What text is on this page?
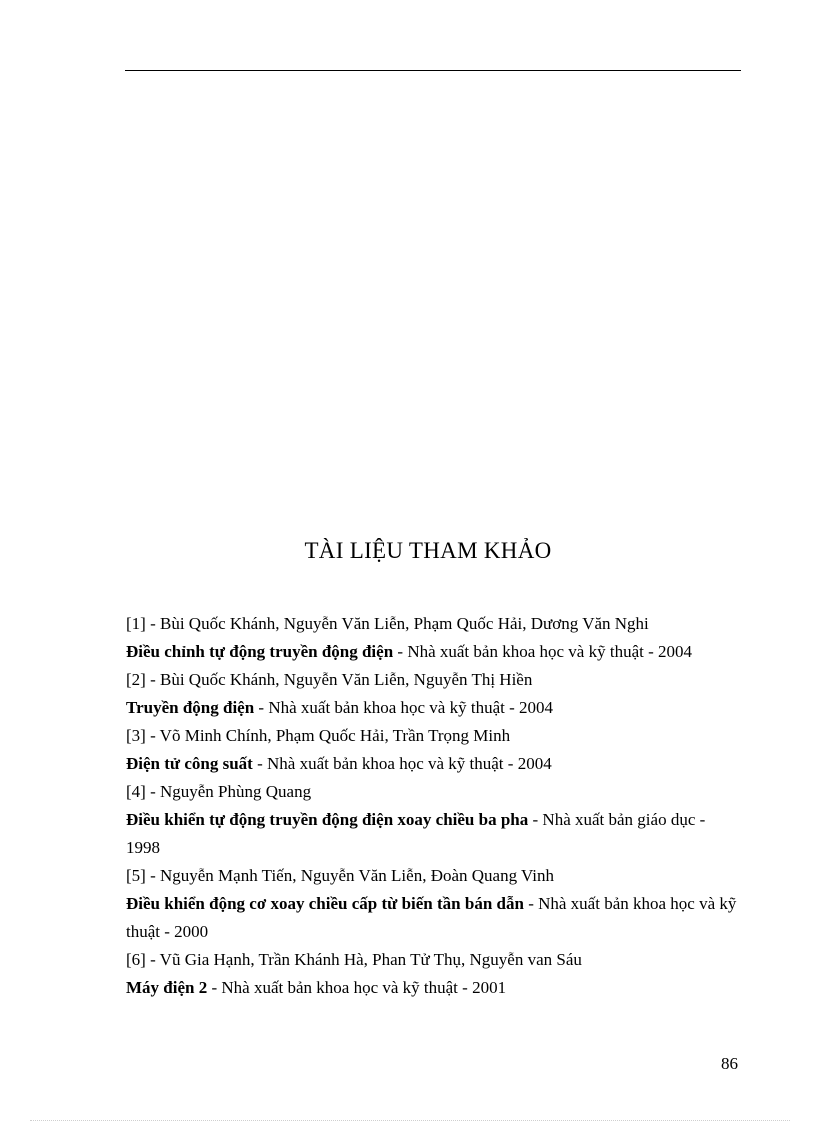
TÀI LIỆU THAM KHẢO
[1] - Bùi Quốc Khánh, Nguyễn Văn Liễn, Phạm Quốc Hải, Dương Văn Nghi
Điều chỉnh tự động truyền động điện - Nhà xuất bản khoa học và kỹ thuật - 2004
[2] - Bùi Quốc Khánh, Nguyễn Văn Liễn, Nguyễn Thị Hiền
Truyền động điện - Nhà xuất bản khoa học và kỹ thuật - 2004
[3] - Võ Minh Chính, Phạm Quốc Hải, Trần Trọng Minh
Điện tử công suất - Nhà xuất bản khoa học và kỹ thuật - 2004
[4] - Nguyễn Phùng Quang
Điều khiển tự động truyền động điện xoay chiều ba pha - Nhà xuất bản giáo dục - 1998
[5] - Nguyễn Mạnh Tiến, Nguyễn Văn Liễn, Đoàn Quang Vinh
Điều khiển động cơ xoay chiều cấp từ biến tần bán dẫn - Nhà xuất bản khoa học và kỹ thuật - 2000
[6] - Vũ Gia Hạnh, Trần Khánh Hà, Phan Tử Thụ, Nguyễn van Sáu
Máy điện 2 - Nhà xuất bản khoa học và kỹ thuật - 2001
86
